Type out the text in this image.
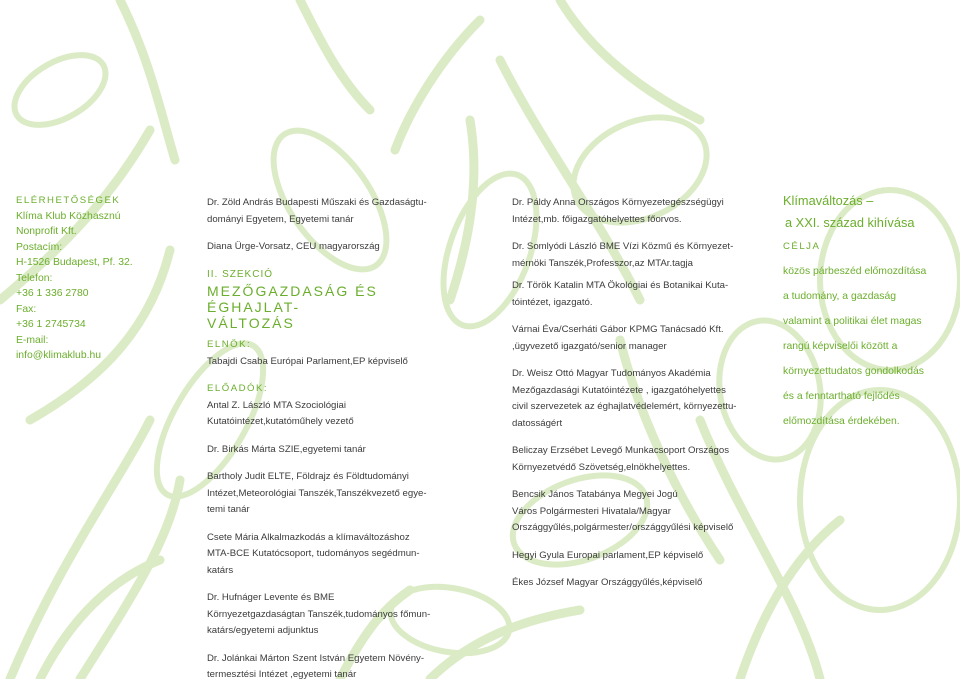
ELÉRHETŐSÉGEK

Klíma Klub Közhasznú

Nonprofit Kft.

Postacím:

H-1526 Budapest, Pf. 32.

Telefon:

+36 1 336 2780

Fax:

+36 1 2745734

E-mail:

info@klimaklub.hu

Dr. Zöld András Budapesti Műszaki és Gazdaságtu-

dományi Egyetem, Egyetemi tanár

Diana Ürge-Vorsatz, CEU magyarország

II. SZEKCIÓ

MEZŐGAZDASÁG ÉS ÉGHAJLAT-

VÁLTOZÁS

ELNÖK:

Tabajdi Csaba Európai Parlament,EP képviselő

ELŐADÓK:

Antal Z. László MTA Szociológiai

Kutatóintézet,kutatóműhely vezető

Dr. Birkás Márta SZIE,egyetemi tanár

Bartholy Judit ELTE, Földrajz és Földtudományi

Intézet,Meteorológiai Tanszék,Tanszékvezető egye-

temi tanár

Csete Mária Alkalmazkodás a klímaváltozáshoz

MTA-BCE Kutatócsoport, tudományos segédmun-

katárs

Dr. Hufnáger Levente és BME

Környezetgazdaságtan Tanszék,tudományos főmun-

katárs/egyetemi adjunktus

Dr. Jolánkai Márton Szent István Egyetem Növény-

termesztési Intézet ,egyetemi tanár

Dr. Páldy Anna Országos Környezetegészségügyi

Intézet,mb. főigazgatóhelyettes főorvos.

Dr. Somlyódi László BME Vízi Közmű és Környezet-

mérnöki Tanszék,Professzor,az MTAr.tagja

Dr. Török Katalin MTA Ökológiai és Botanikai Kuta-

tóintézet, igazgató.

Várnai Éva/Cserháti Gábor KPMG Tanácsadó Kft.

,ügyvezető igazgató/senior manager

Dr. Weisz Ottó Magyar Tudományos Akadémia

Mezőgazdasági Kutatóintézete , igazgatóhelyettes

civil szervezetek az éghajlatvédelemért, környezettu-

datosságért

Beliczay Erzsébet Levegő Munkacsoport Országos

Környezetvédő Szövetség,elnökhelyettes.

Bencsik János Tatabánya Megyei Jogú

Város Polgármesteri Hivatala/Magyar

Országgyűlés,polgármester/országgyűlési képviselő

Hegyi Gyula Europai parlament,EP képviselő

Ékes József Magyar Országgyűlés,képviselő

Klímaváltozás –

a XXI. század kihívása

CÉLJA

közös párbeszéd előmozdítása

a tudomány, a gazdaság

valamint a politikai élet magas

rangú képviselői között a

környezettudatos gondolkodás

és a fenntartható fejlődés

előmozdítása érdekében.
